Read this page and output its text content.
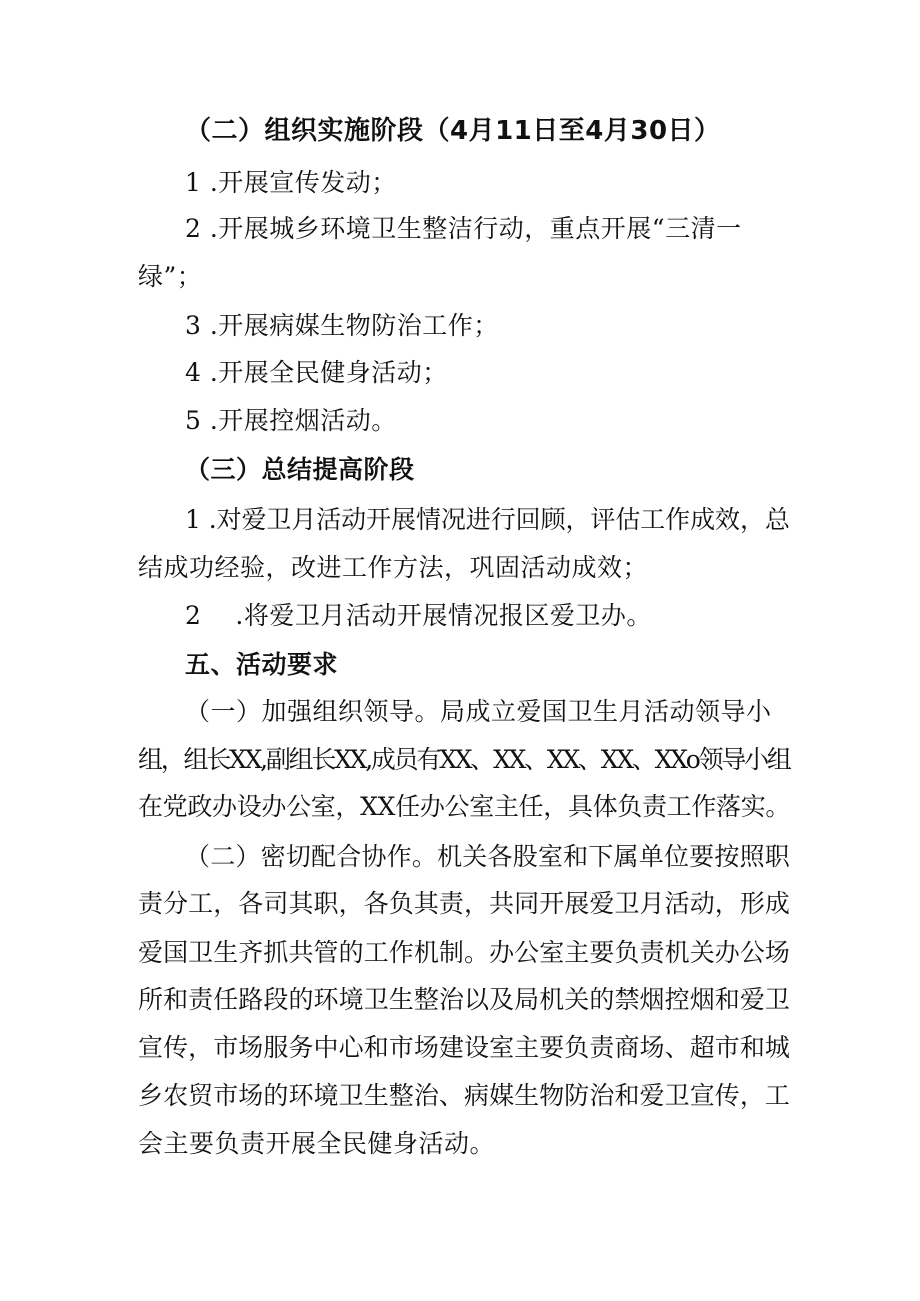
（二）组织实施阶段（4月11日至4月30日）
1 .开展宣传发动；
2 .开展城乡环境卫生整洁行动，重点开展“三清一
绿”；
3 .开展病媒生物防治工作；
4 .开展全民健身活动；
5 .开展控烟活动。
（三）总结提高阶段
1 .对爱卫月活动开展情况进行回顾，评估工作成效，总
结成功经验，改进工作方法，巩固活动成效；
2 .将爱卫月活动开展情况报区爱卫办。
五、活动要求
（一）加强组织领导。局成立爱国卫生月活动领导小
组，组长XX,副组长XX,成员有XX、XX、XX、XX、XXo领导小组
在党政办设办公室，XX任办公室主任，具体负责工作落实。
（二）密切配合协作。机关各股室和下属单位要按照职
责分工，各司其职，各负其责，共同开展爱卫月活动，形成
爱国卫生齐抓共管的工作机制。办公室主要负责机关办公场
所和责任路段的环境卫生整治以及局机关的禁烟控烟和爱卫
宣传，市场服务中心和市场建设室主要负责商场、超市和城
乡农贸市场的环境卫生整治、病媒生物防治和爱卫宣传，工
会主要负责开展全民健身活动。
